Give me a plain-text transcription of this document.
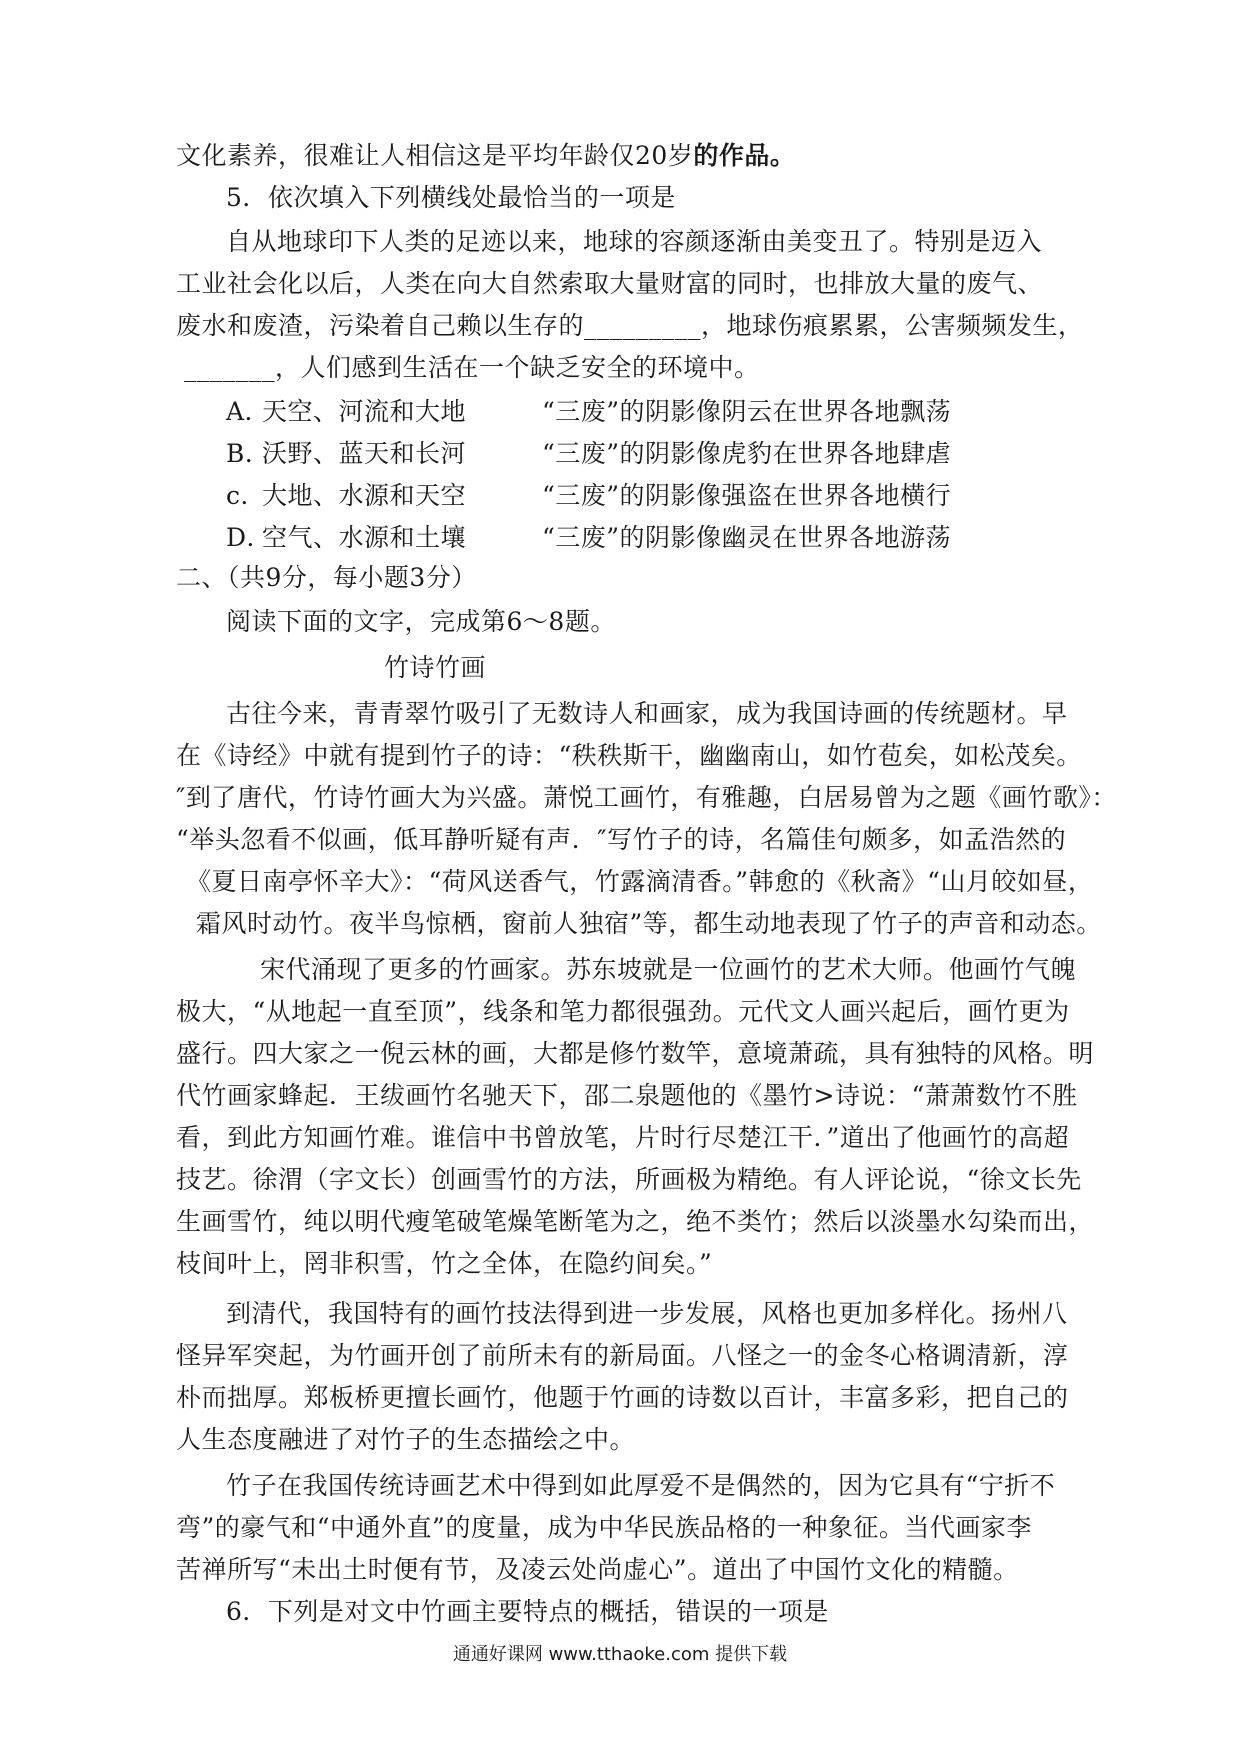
文化素养，很难让人相信这是平均年龄仅20岁的作品。
5．依次填入下列横线处最恰当的一项是
自从地球印下人类的足迹以来，地球的容颜逐渐由美变丑了。特别是迈入
工业社会化以后，人类在向大自然索取大量财富的同时，也排放大量的废气、
废水和废渣，污染着自己赖以生存的_________，地球伤痕累累，公害频频发生，
_______，人们感到生活在一个缺乏安全的环境中。
A．天空、河流和大地	“三废”的阴影像阴云在世界各地飘荡
B．沃野、蓝天和长河	“三废”的阴影像虎豹在世界各地肆虐
c．大地、水源和天空	“三废”的阴影像强盗在世界各地横行
D．空气、水源和土壤	“三废”的阴影像幽灵在世界各地游荡
二、（共9分，每小题3分）
阅读下面的文字，完成第6～8题。
竹诗竹画
古往今来，青青翠竹吸引了无数诗人和画家，成为我国诗画的传统题材。早
在《诗经》中就有提到竹子的诗：“秩秩斯干，幽幽南山，如竹苞矣，如松茂矣。
″到了唐代，竹诗竹画大为兴盛。萧悦工画竹，有雅趣，白居易曾为之题《画竹歌》：
“举头忽看不似画，低耳静听疑有声．″写竹子的诗，名篇佳句颇多，如孟浩然的
《夏日南亭怀辛大》：“荷风送香气，竹露滴清香。”韩愈的《秋斋》“山月皎如昼，
霜风时动竹。夜半鸟惊栖，窗前人独宿”等，都生动地表现了竹子的声音和动态。
宋代涌现了更多的竹画家。苏东坡就是一位画竹的艺术大师。他画竹气魄
极大，“从地起一直至顶”，线条和笔力都很强劲。元代文人画兴起后，画竹更为
盛行。四大家之一倪云林的画，大都是修竹数竿，意境萧疏，具有独特的风格。明
代竹画家蜂起．王绂画竹名驰天下，邵二泉题他的《墨竹>诗说：“萧萧数竹不胜
看，到此方知画竹难。谁信中书曾放笔，片时行尽楚江干．”道出了他画竹的高超
技艺。徐渭（字文长）创画雪竹的方法，所画极为精绝。有人评论说，“徐文长先
生画雪竹，纯以明代瘦笔破笔燥笔断笔为之，绝不类竹；然后以淡墨水勾染而出，
枝间叶上，罔非积雪，竹之全体，在隐约间矣。”
到清代，我国特有的画竹技法得到进一步发展，风格也更加多样化。扬州八
怪异军突起，为竹画开创了前所未有的新局面。八怪之一的金冬心格调清新，淳
朴而拙厚。郑板桥更擅长画竹，他题于竹画的诗数以百计，丰富多彩，把自己的
人生态度融进了对竹子的生态描绘之中。
竹子在我国传统诗画艺术中得到如此厚爱不是偶然的，因为它具有“宁折不
弯”的豪气和“中通外直”的度量，成为中华民族品格的一种象征。当代画家李
苦禅所写“未出土时便有节，及凌云处尚虚心”。道出了中国竹文化的精髓。
6．下列是对文中竹画主要特点的概括，错误的一项是
通通好课网 www.tthaoke.com 提供下载
